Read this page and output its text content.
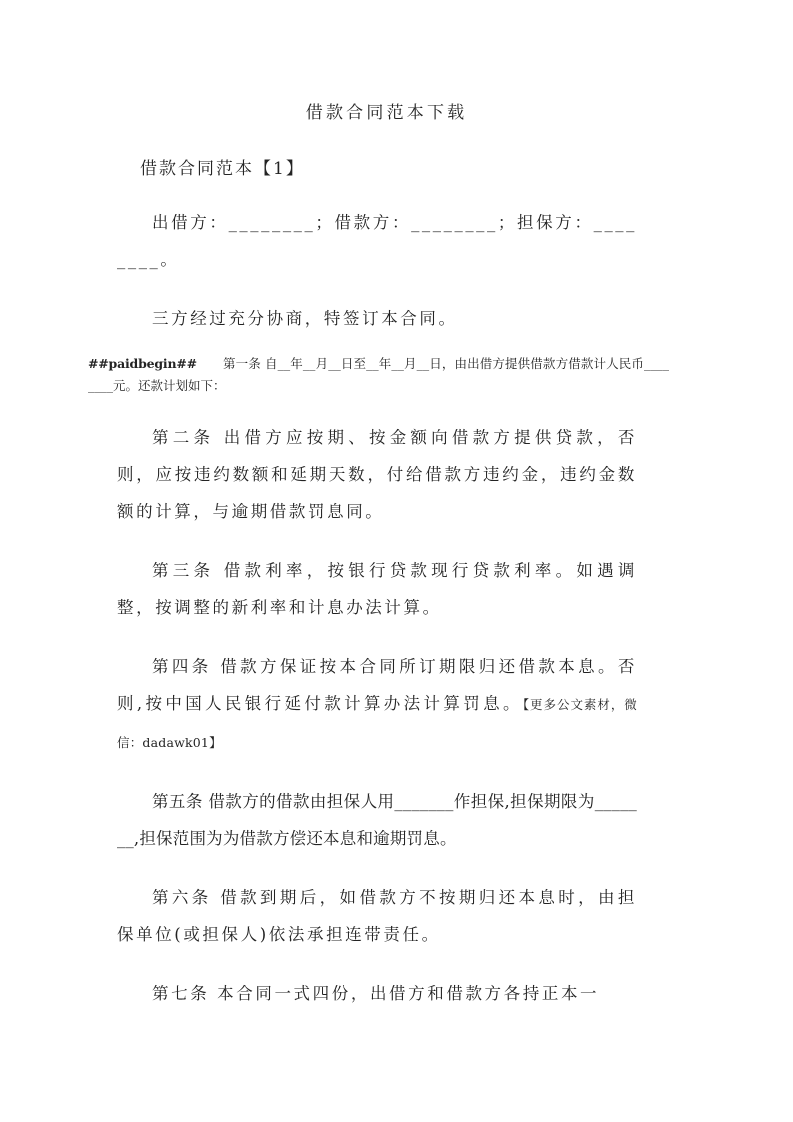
借款合同范本下载
借款合同范本【1】

出借方：________；借款方：________；担保方：________。

三方经过充分协商，特签订本合同。

##paidbegin## 第一条 自__年__月__日至__年__月__日，由出借方提供借款方借款计人民币________元。还款计划如下：

第二条 出借方应按期、按金额向借款方提供贷款，否则，应按违约数额和延期天数，付给借款方违约金，违约金数额的计算，与逾期借款罚息同。

第三条 借款利率，按银行贷款现行贷款利率。如遇调整，按调整的新利率和计息办法计算。

第四条 借款方保证按本合同所订期限归还借款本息。否则,按中国人民银行延付款计算办法计算罚息。【更多公文素材，微信：dadawk01】

第五条 借款方的借款由担保人用_______作担保,担保期限为_______,担保范围为为借款方偿还本息和逾期罚息。

第六条 借款到期后，如借款方不按期归还本息时，由担保单位(或担保人)依法承担连带责任。

第七条 本合同一式四份，出借方和借款方各持正本一
